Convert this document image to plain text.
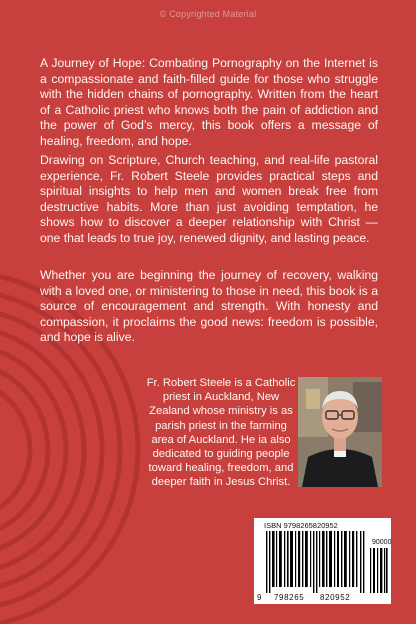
© Copyrighted Material
A Journey of Hope: Combating Pornography on the Internet is a compassionate and faith-filled guide for those who struggle with the hidden chains of pornography. Written from the heart of a Catholic priest who knows both the pain of addiction and the power of God’s mercy, this book offers a message of healing, freedom, and hope.
Drawing on Scripture, Church teaching, and real-life pastoral experience, Fr. Robert Steele provides practical steps and spiritual insights to help men and women break free from destructive habits. More than just avoiding temptation, he shows how to discover a deeper relationship with Christ — one that leads to true joy, renewed dignity, and lasting peace.
Whether you are beginning the journey of recovery, walking with a loved one, or ministering to those in need, this book is a source of encouragement and strength. With honesty and compassion, it proclaims the good news: freedom is possible, and hope is alive.
Fr. Robert Steele is a Catholic priest in Auckland, New Zealand whose ministry is as parish priest in the farming area of Auckland. He ia also dedicated to guiding people toward healing, freedom, and deeper faith in Jesus Christ.
ISBN 9798265820952
90000
9 798265 820952
